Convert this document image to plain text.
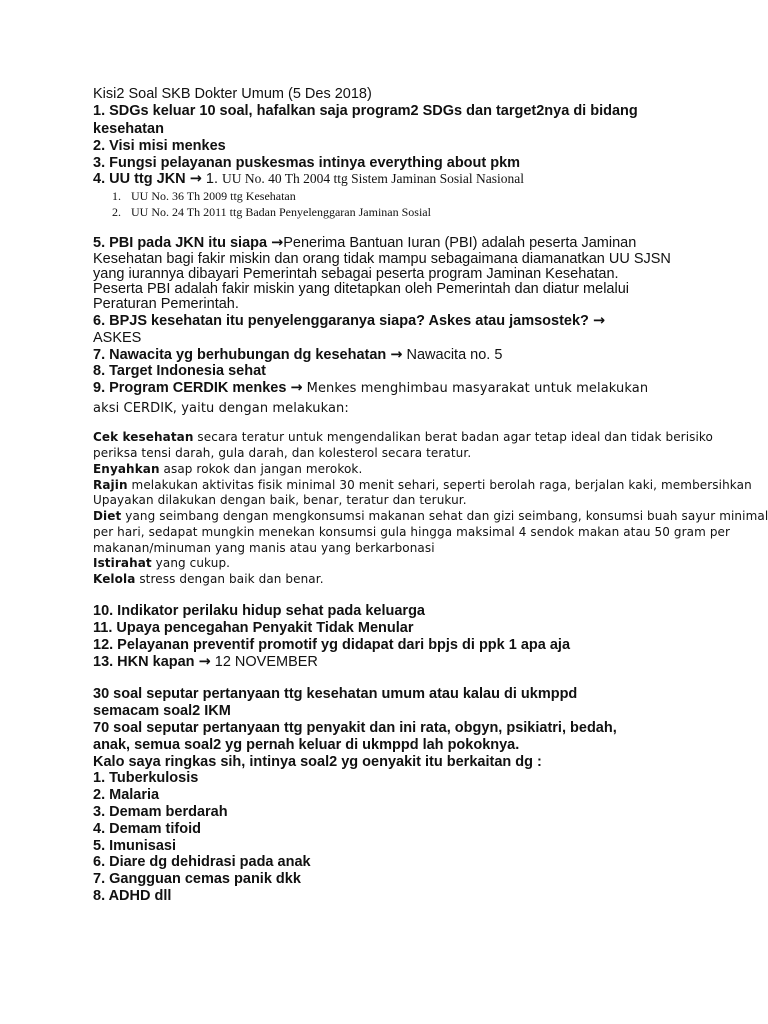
Kisi2 Soal SKB Dokter Umum (5 Des 2018)
1. SDGs keluar 10 soal, hafalkan saja program2 SDGs dan target2nya di bidang
kesehatan
2. Visi misi menkes
3. Fungsi pelayanan puskesmas intinya everything about pkm
4. UU ttg JKN → 1. UU No. 40 Th 2004 ttg Sistem Jaminan Sosial Nasional
1. UU No. 36 Th 2009 ttg Kesehatan
2. UU No. 24 Th 2011 ttg Badan Penyelenggaran Jaminan Sosial
5. PBI pada JKN itu siapa →Penerima Bantuan Iuran (PBI) adalah peserta Jaminan
Kesehatan bagi fakir miskin dan orang tidak mampu sebagaimana diamanatkan UU SJSN
yang iurannya dibayari Pemerintah sebagai peserta program Jaminan Kesehatan.
Peserta PBI adalah fakir miskin yang ditetapkan oleh Pemerintah dan diatur melalui
Peraturan Pemerintah.
6. BPJS kesehatan itu penyelenggaranya siapa? Askes atau jamsostek? →
ASKES
7. Nawacita yg berhubungan dg kesehatan → Nawacita no. 5
8. Target Indonesia sehat
9. Program CERDIK menkes → Menkes menghimbau masyarakat untuk melakukan
aksi CERDIK, yaitu dengan melakukan:
Cek kesehatan secara teratur untuk mengendalikan berat badan agar tetap ideal dan tidak berisiko
periksa tensi darah, gula darah, dan kolesterol secara teratur.
Enyahkan asap rokok dan jangan merokok.
Rajin melakukan aktivitas fisik minimal 30 menit sehari, seperti berolah raga, berjalan kaki, membersihkan
Upayakan dilakukan dengan baik, benar, teratur dan terukur.
Diet yang seimbang dengan mengkonsumsi makanan sehat dan gizi seimbang, konsumsi buah sayur minimal
per hari, sedapat mungkin menekan konsumsi gula hingga maksimal 4 sendok makan atau 50 gram per
makanan/minuman yang manis atau yang berkarbonasi
Istirahat yang cukup.
Kelola stress dengan baik dan benar.
10. Indikator perilaku hidup sehat pada keluarga
11. Upaya pencegahan Penyakit Tidak Menular
12. Pelayanan preventif promotif yg didapat dari bpjs di ppk 1 apa aja
13. HKN kapan → 12 NOVEMBER
30 soal seputar pertanyaan ttg kesehatan umum atau kalau di ukmppd
semacam soal2 IKM
70 soal seputar pertanyaan ttg penyakit dan ini rata, obgyn, psikiatri, bedah,
anak, semua soal2 yg pernah keluar di ukmppd lah pokoknya.
Kalo saya ringkas sih, intinya soal2 yg oenyakit itu berkaitan dg :
1. Tuberkulosis
2. Malaria
3. Demam berdarah
4. Demam tifoid
5. Imunisasi
6. Diare dg dehidrasi pada anak
7. Gangguan cemas panik dkk
8. ADHD dll
